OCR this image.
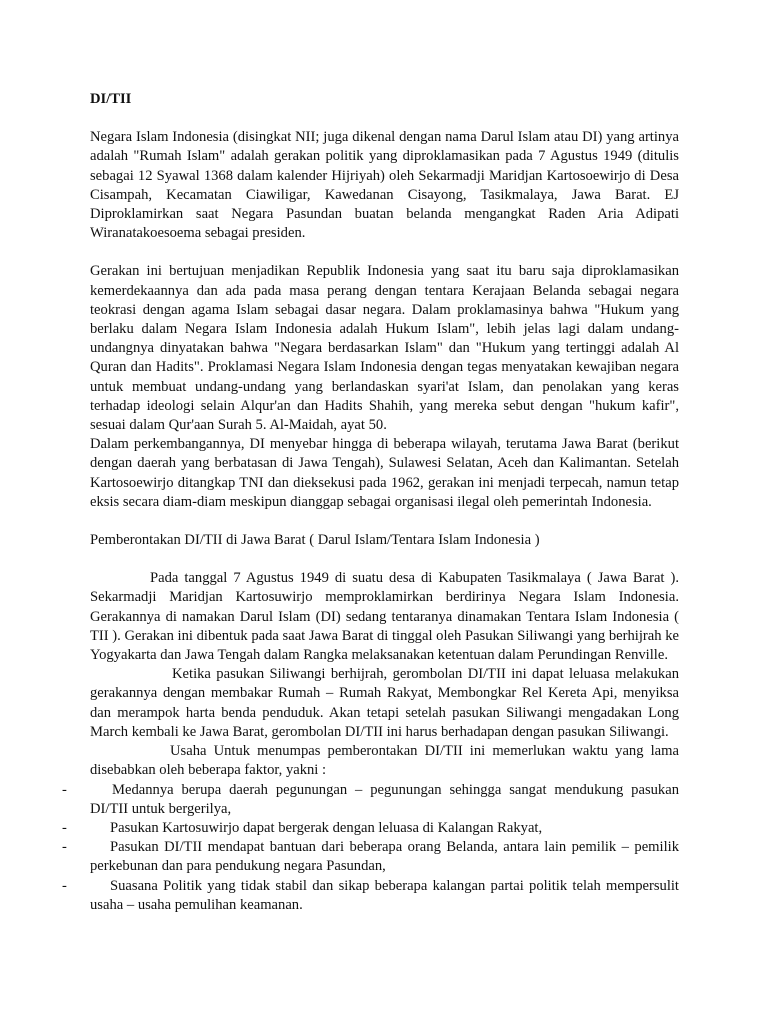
DI/TII

Negara Islam Indonesia (disingkat NII; juga dikenal dengan nama Darul Islam atau DI) yang artinya adalah "Rumah Islam" adalah gerakan politik yang diproklamasikan pada 7 Agustus 1949 (ditulis sebagai 12 Syawal 1368 dalam kalender Hijriyah) oleh Sekarmadji Maridjan Kartosoewirjo di Desa Cisampah, Kecamatan Ciawiligar, Kawedanan Cisayong, Tasikmalaya, Jawa Barat. EJ Diproklamirkan saat Negara Pasundan buatan belanda mengangkat Raden Aria Adipati Wiranatakoesoema sebagai presiden.

Gerakan ini bertujuan menjadikan Republik Indonesia yang saat itu baru saja diproklamasikan kemerdekaannya dan ada pada masa perang dengan tentara Kerajaan Belanda sebagai negara teokrasi dengan agama Islam sebagai dasar negara. Dalam proklamasinya bahwa "Hukum yang berlaku dalam Negara Islam Indonesia adalah Hukum Islam", lebih jelas lagi dalam undang-undangnya dinyatakan bahwa "Negara berdasarkan Islam" dan "Hukum yang tertinggi adalah Al Quran dan Hadits". Proklamasi Negara Islam Indonesia dengan tegas menyatakan kewajiban negara untuk membuat undang-undang yang berlandaskan syari'at Islam, dan penolakan yang keras terhadap ideologi selain Alqur'an dan Hadits Shahih, yang mereka sebut dengan "hukum kafir", sesuai dalam Qur'aan Surah 5. Al-Maidah, ayat 50.

Dalam perkembangannya, DI menyebar hingga di beberapa wilayah, terutama Jawa Barat (berikut dengan daerah yang berbatasan di Jawa Tengah), Sulawesi Selatan, Aceh dan Kalimantan. Setelah Kartosoewirjo ditangkap TNI dan dieksekusi pada 1962, gerakan ini menjadi terpecah, namun tetap eksis secara diam-diam meskipun dianggap sebagai organisasi ilegal oleh pemerintah Indonesia.

Pemberontakan DI/TII di Jawa Barat ( Darul Islam/Tentara Islam Indonesia )

Pada tanggal 7 Agustus 1949 di suatu desa di Kabupaten Tasikmalaya ( Jawa Barat ). Sekarmadji Maridjan Kartosuwirjo memproklamirkan berdirinya Negara Islam Indonesia. Gerakannya di namakan Darul Islam (DI) sedang tentaranya dinamakan Tentara Islam Indonesia ( TII ). Gerakan ini dibentuk pada saat Jawa Barat di tinggal oleh Pasukan Siliwangi yang berhijrah ke Yogyakarta dan Jawa Tengah dalam Rangka melaksanakan ketentuan dalam Perundingan Renville.

Ketika pasukan Siliwangi berhijrah, gerombolan DI/TII ini dapat leluasa melakukan gerakannya dengan membakar Rumah – Rumah Rakyat, Membongkar Rel Kereta Api, menyiksa dan merampok harta benda penduduk. Akan tetapi setelah pasukan Siliwangi mengadakan Long March kembali ke Jawa Barat, gerombolan DI/TII ini harus berhadapan dengan pasukan Siliwangi.

Usaha Untuk menumpas pemberontakan DI/TII ini memerlukan waktu yang lama disebabkan oleh beberapa faktor, yakni :

-	Medannya berupa daerah pegunungan – pegunungan sehingga sangat mendukung pasukan DI/TII untuk bergerilya,
-	Pasukan Kartosuwirjo dapat bergerak dengan leluasa di Kalangan Rakyat,
-	Pasukan DI/TII mendapat bantuan dari beberapa orang Belanda, antara lain pemilik – pemilik perkebunan dan para pendukung negara Pasundan,
-	Suasana Politik yang tidak stabil dan sikap beberapa kalangan partai politik telah mempersulit usaha – usaha pemulihan keamanan.
